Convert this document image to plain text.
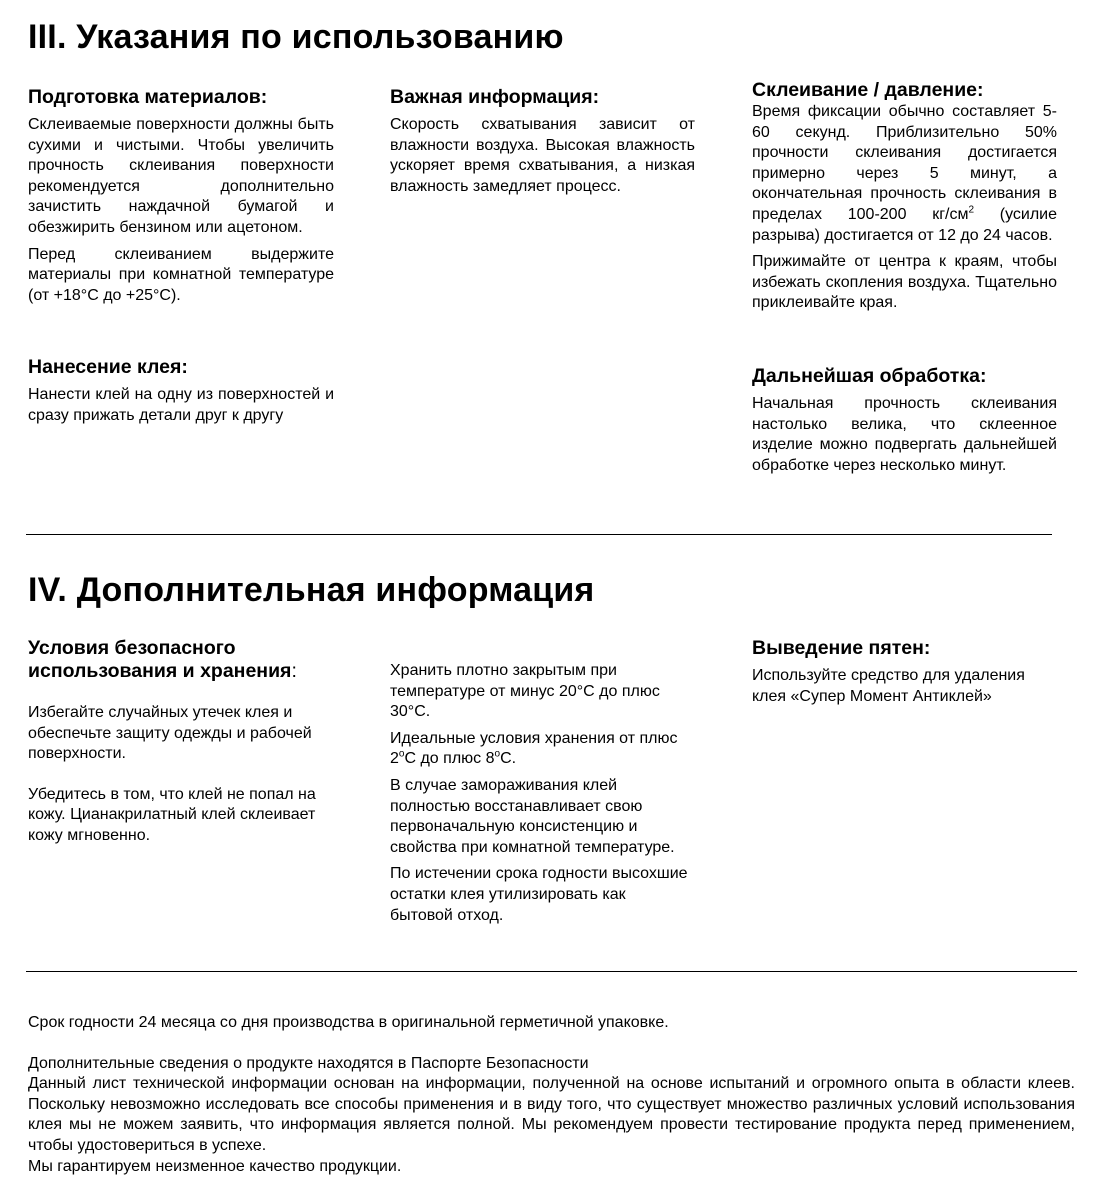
III. Указания по использованию
Подготовка материалов:

Склеиваемые поверхности должны быть сухими и чистыми. Чтобы увеличить прочность склеивания поверхности рекомендуется дополнительно зачистить наждачной бумагой и обезжирить бензином или ацетоном.

Перед склеиванием выдержите материалы при комнатной температуре (от +18°С до +25°С).

Нанесение клея:

Нанести клей на одну из поверхностей и сразу прижать детали друг к другу

Важная информация:

Скорость схватывания зависит от влажности воздуха. Высокая влажность ускоряет время схватывания, а низкая влажность замедляет процесс.

Склеивание / давление:

Время фиксации обычно составляет 5-60 секунд. Приблизительно 50% прочности склеивания достигается примерно через 5 минут, а окончательная прочность склеивания в пределах 100-200 $кг/см^2$ (усилие разрыва) достигается от 12 до 24 часов.

Прижимайте от центра к краям, чтобы избежать скопления воздуха. Тщательно приклеивайте края.

Дальнейшая обработка:

Начальная прочность склеивания настолько велика, что склеенное изделие можно подвергать дальнейшей обработке через несколько минут.

IV. Дополнительная информация
Условия безопасного использования и хранения:

Избегайте случайных утечек клея и обеспечьте защиту одежды и рабочей поверхности.

Убедитесь в том, что клей не попал на кожу. Цианакрилатный клей склеивает кожу мгновенно.

Хранить плотно закрытым при температуре от минус 20°С до плюс 30°С.

Идеальные условия хранения от плюс $2^оС$ до плюс $8^оС$.

В случае замораживания клей полностью восстанавливает свою первоначальную консистенцию и свойства при комнатной температуре.

По истечении срока годности высохшие остатки клея утилизировать как бытовой отход.

Выведение пятен:

Используйте средство для удаления клея «Супер Момент Антиклей»

Срок годности 24 месяца со дня производства в оригинальной герметичной упаковке.

Дополнительные сведения о продукте находятся в Паспорте Безопасности

Данный лист технической информации основан на информации, полученной на основе испытаний и огромного опыта в области клеев. Поскольку невозможно исследовать все способы применения и в виду того, что существует множество различных условий использования клея мы не можем заявить, что информация является полной. Мы рекомендуем провести тестирование продукта перед применением, чтобы удостовериться в успехе.

Мы гарантируем неизменное качество продукции.
